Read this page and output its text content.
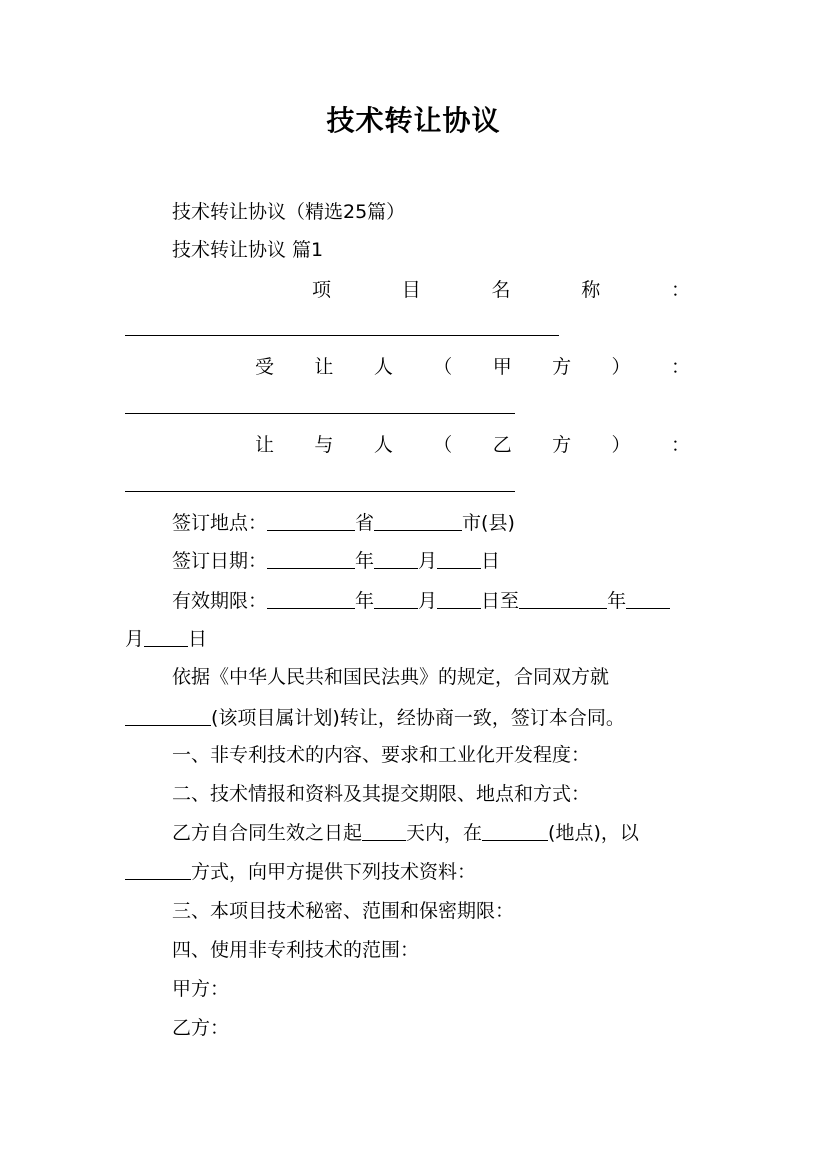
技术转让协议
技术转让协议（精选25篇）
技术转让协议 篇1
项	目	名	称	：
受 让 人 （ 甲 方 ） ：
让 与 人 （ 乙 方 ） ：
签订地点：	省	市(县)
签订日期：	年 月 日
有效期限：	年 月 日至	年
月 日
依据《中华人民共和国民法典》的规定，合同双方就
(该项目属计划)转让，经协商一致，签订本合同。
一、非专利技术的内容、要求和工业化开发程度：
二、技术情报和资料及其提交期限、地点和方式：
乙方自合同生效之日起 天内，在	(地点)，以
方式，向甲方提供下列技术资料：
三、本项目技术秘密、范围和保密期限：
四、使用非专利技术的范围：
甲方：
乙方：
